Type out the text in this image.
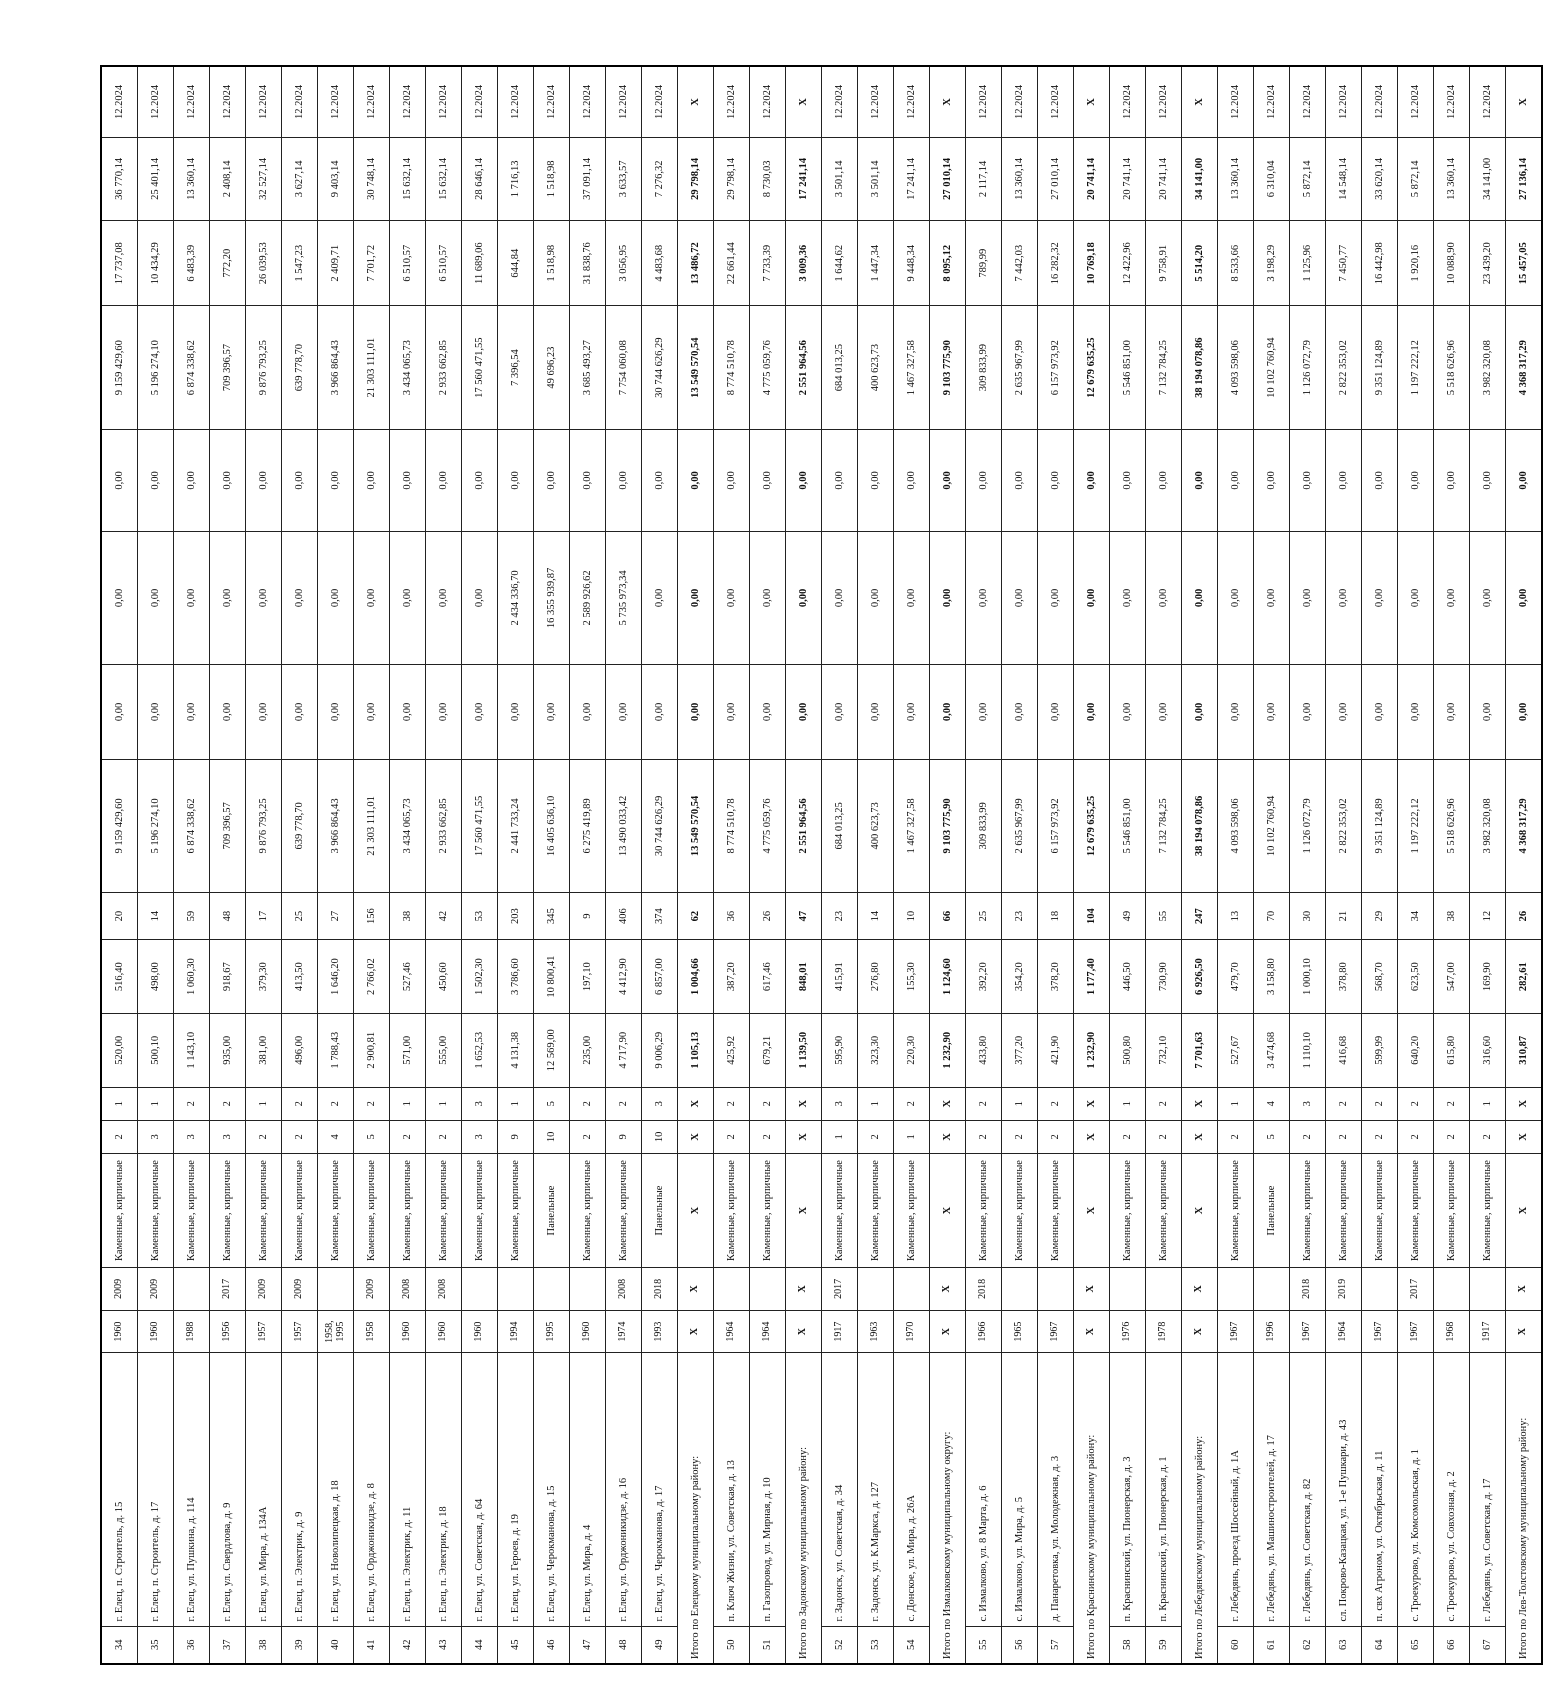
34	г. Елец, п. Строитель, д. 15	1960	2009	Каменные, кирпичные	2	1	520,00	516,40	20	9 159 429,60	0,00	0,00	0,00	9 159 429,60	17 737,08	36 770,14	12.2024
35	г. Елец, п. Строитель, д. 17	1960	2009	Каменные, кирпичные	3	1	500,10	498,00	14	5 196 274,10	0,00	0,00	0,00	5 196 274,10	10 434,29	25 401,14	12.2024
36	г. Елец, ул. Пушкина, д. 114	1988		Каменные, кирпичные	3	2	1 143,10	1 060,30	59	6 874 338,62	0,00	0,00	0,00	6 874 338,62	6 483,39	13 360,14	12.2024
37	г. Елец, ул. Свердлова, д. 9	1956	2017	Каменные, кирпичные	3	2	935,00	918,67	48	709 396,57	0,00	0,00	0,00	709 396,57	772,20	2 408,14	12.2024
38	г. Елец, ул. Мира, д. 134А	1957	2009	Каменные, кирпичные	2	1	381,00	379,30	17	9 876 793,25	0,00	0,00	0,00	9 876 793,25	26 039,53	32 527,14	12.2024
39	г. Елец, п. Электрик, д. 9	1957	2009	Каменные, кирпичные	2	2	496,00	413,50	25	639 778,70	0,00	0,00	0,00	639 778,70	1 547,23	3 627,14	12.2024
40	г. Елец, ул. Новолипецкая, д. 18	1958, 1995		Каменные, кирпичные	4	2	1 788,43	1 646,20	27	3 966 864,43	0,00	0,00	0,00	3 966 864,43	2 409,71	9 403,14	12.2024
41	г. Елец, ул. Орджоникидзе, д. 8	1958	2009	Каменные, кирпичные	5	2	2 900,81	2 766,02	156	21 303 111,01	0,00	0,00	0,00	21 303 111,01	7 701,72	30 748,14	12.2024
42	г. Елец, п. Электрик, д. 11	1960	2008	Каменные, кирпичные	2	1	571,00	527,46	38	3 434 065,73	0,00	0,00	0,00	3 434 065,73	6 510,57	15 632,14	12.2024
43	г. Елец, п. Электрик, д. 18	1960	2008	Каменные, кирпичные	2	1	555,00	450,60	42	2 933 662,85	0,00	0,00	0,00	2 933 662,85	6 510,57	15 632,14	12.2024
44	г. Елец, ул. Советская, д. 64	1960		Каменные, кирпичные	3	3	1 652,53	1 502,30	53	17 560 471,55	0,00	0,00	0,00	17 560 471,55	11 689,06	28 646,14	12.2024
45	г. Елец, ул. Героев, д. 19	1994		Каменные, кирпичные	9	1	4 131,38	3 786,60	203	2 441 733,24	0,00	2 434 336,70	0,00	7 396,54	644,84	1 716,13	12.2024
46	г. Елец, ул. Черокманова, д. 15	1995		Панельные	10	5	12 569,00	10 800,41	345	16 405 636,10	0,00	16 355 939,87	0,00	49 696,23	1 518,98	1 518,98	12.2024
47	г. Елец, ул. Мира, д. 4	1960		Каменные, кирпичные	2	2	235,00	197,10	9	6 275 419,89	0,00	2 589 926,62	0,00	3 685 493,27	31 838,76	37 091,14	12.2024
48	г. Елец, ул. Орджоникидзе, д. 16	1974	2008	Каменные, кирпичные	9	2	4 717,90	4 412,90	406	13 490 033,42	0,00	5 735 973,34	0,00	7 754 060,08	3 056,95	3 633,57	12.2024
49	г. Елец, ул. Черокманова, д. 17	1993	2018	Панельные	10	3	9 006,29	6 857,00	374	30 744 626,29	0,00	0,00	0,00	30 744 626,29	4 483,68	7 276,32	12.2024
Итого по Елецкому муниципальному району:		X	X	X	X	X	1 105,13	1 004,66	62	13 549 570,54	0,00	0,00	0,00	13 549 570,54	13 486,72	29 798,14	X
50	п. Ключ Жизни, ул. Советская, д. 13	1964		Каменные, кирпичные	2	2	425,92	387,20	36	8 774 510,78	0,00	0,00	0,00	8 774 510,78	22 661,44	29 798,14	12.2024
51	п. Газопровод, ул. Мирная, д. 10	1964		Каменные, кирпичные	2	2	679,21	617,46	26	4 775 059,76	0,00	0,00	0,00	4 775 059,76	7 733,39	8 730,03	12.2024
Итого по Задонскому муниципальному району:		X	X	X	X	X	1 139,50	848,01	47	2 551 964,56	0,00	0,00	0,00	2 551 964,56	3 009,36	17 241,14	X
52	г. Задонск, ул. Советская, д. 34	1917	2017	Каменные, кирпичные	1	3	595,90	415,91	23	684 013,25	0,00	0,00	0,00	684 013,25	1 644,62	3 501,14	12.2024
53	г. Задонск, ул. К.Маркса, д. 127	1963		Каменные, кирпичные	2	1	323,30	276,80	14	400 623,73	0,00	0,00	0,00	400 623,73	1 447,34	3 501,14	12.2024
54	с. Донское, ул. Мира, д. 26А	1970		Каменные, кирпичные	1	2	220,30	155,30	10	1 467 327,58	0,00	0,00	0,00	1 467 327,58	9 448,34	17 241,14	12.2024
Итого по Измалковскому муниципальному округу:		X	X	X	X	X	1 232,90	1 124,60	66	9 103 775,90	0,00	0,00	0,00	9 103 775,90	8 095,12	27 010,14	X
55	с. Измалково, ул. 8 Марта, д. 6	1966	2018	Каменные, кирпичные	2	2	433,80	392,20	25	309 833,99	0,00	0,00	0,00	309 833,99	789,99	2 117,14	12.2024
56	с. Измалково, ул. Мира, д. 5	1965		Каменные, кирпичные	2	1	377,20	354,20	23	2 635 967,99	0,00	0,00	0,00	2 635 967,99	7 442,03	13 360,14	12.2024
57	д. Панаретовка, ул. Молодежная, д. 3	1967		Каменные, кирпичные	2	2	421,90	378,20	18	6 157 973,92	0,00	0,00	0,00	6 157 973,92	16 282,32	27 010,14	12.2024
Итого по Краснинскому муниципальному району:		X	X	X	X	X	1 232,90	1 177,40	104	12 679 635,25	0,00	0,00	0,00	12 679 635,25	10 769,18	20 741,14	X
58	п. Краснинский, ул. Пионерская, д. 3	1976		Каменные, кирпичные	2	1	500,80	446,50	49	5 546 851,00	0,00	0,00	0,00	5 546 851,00	12 422,96	20 741,14	12.2024
59	п. Краснинский, ул. Пионерская, д. 1	1978		Каменные, кирпичные	2	2	732,10	730,90	55	7 132 784,25	0,00	0,00	0,00	7 132 784,25	9 758,91	20 741,14	12.2024
Итого по Лебедянскому муниципальному району:		X	X	X	X	X	7 701,63	6 926,50	247	38 194 078,86	0,00	0,00	0,00	38 194 078,86	5 514,20	34 141,00	X
60	г. Лебедянь, проезд Шоссейный, д. 1А	1967		Каменные, кирпичные	2	1	527,67	479,70	13	4 093 598,06	0,00	0,00	0,00	4 093 598,06	8 533,66	13 360,14	12.2024
61	г. Лебедянь, ул. Машиностроителей, д. 17	1996		Панельные	5	4	3 474,68	3 158,80	70	10 102 760,94	0,00	0,00	0,00	10 102 760,94	3 198,29	6 310,04	12.2024
62	г. Лебедянь, ул. Советская, д. 82	1967	2018	Каменные, кирпичные	2	3	1 110,10	1 000,10	30	1 126 072,79	0,00	0,00	0,00	1 126 072,79	1 125,96	5 872,14	12.2024
63	сл. Покрово-Казацкая, ул. 1-е Пушкари, д. 43	1964	2019	Каменные, кирпичные	2	2	416,68	378,80	21	2 822 353,02	0,00	0,00	0,00	2 822 353,02	7 450,77	14 548,14	12.2024
64	п. свх Агроном, ул. Октябрьская, д. 11	1967		Каменные, кирпичные	2	2	599,99	568,70	29	9 351 124,89	0,00	0,00	0,00	9 351 124,89	16 442,98	33 620,14	12.2024
65	с. Троекурово, ул. Комсомольская, д. 1	1967	2017	Каменные, кирпичные	2	2	640,20	623,50	34	1 197 222,12	0,00	0,00	0,00	1 197 222,12	1 920,16	5 872,14	12.2024
66	с. Троекурово, ул. Совхозная, д. 2	1968		Каменные, кирпичные	2	2	615,80	547,00	38	5 518 626,96	0,00	0,00	0,00	5 518 626,96	10 088,90	13 360,14	12.2024
67	г. Лебедянь, ул. Советская, д. 17	1917		Каменные, кирпичные	2	1	316,60	169,90	12	3 982 320,08	0,00	0,00	0,00	3 982 320,08	23 439,20	34 141,00	12.2024
Итого по Лев-Толстовскому муниципальному району:		X	X	X	X	X	310,87	282,61	26	4 368 317,29	0,00	0,00	0,00	4 368 317,29	15 457,05	27 136,14	X
